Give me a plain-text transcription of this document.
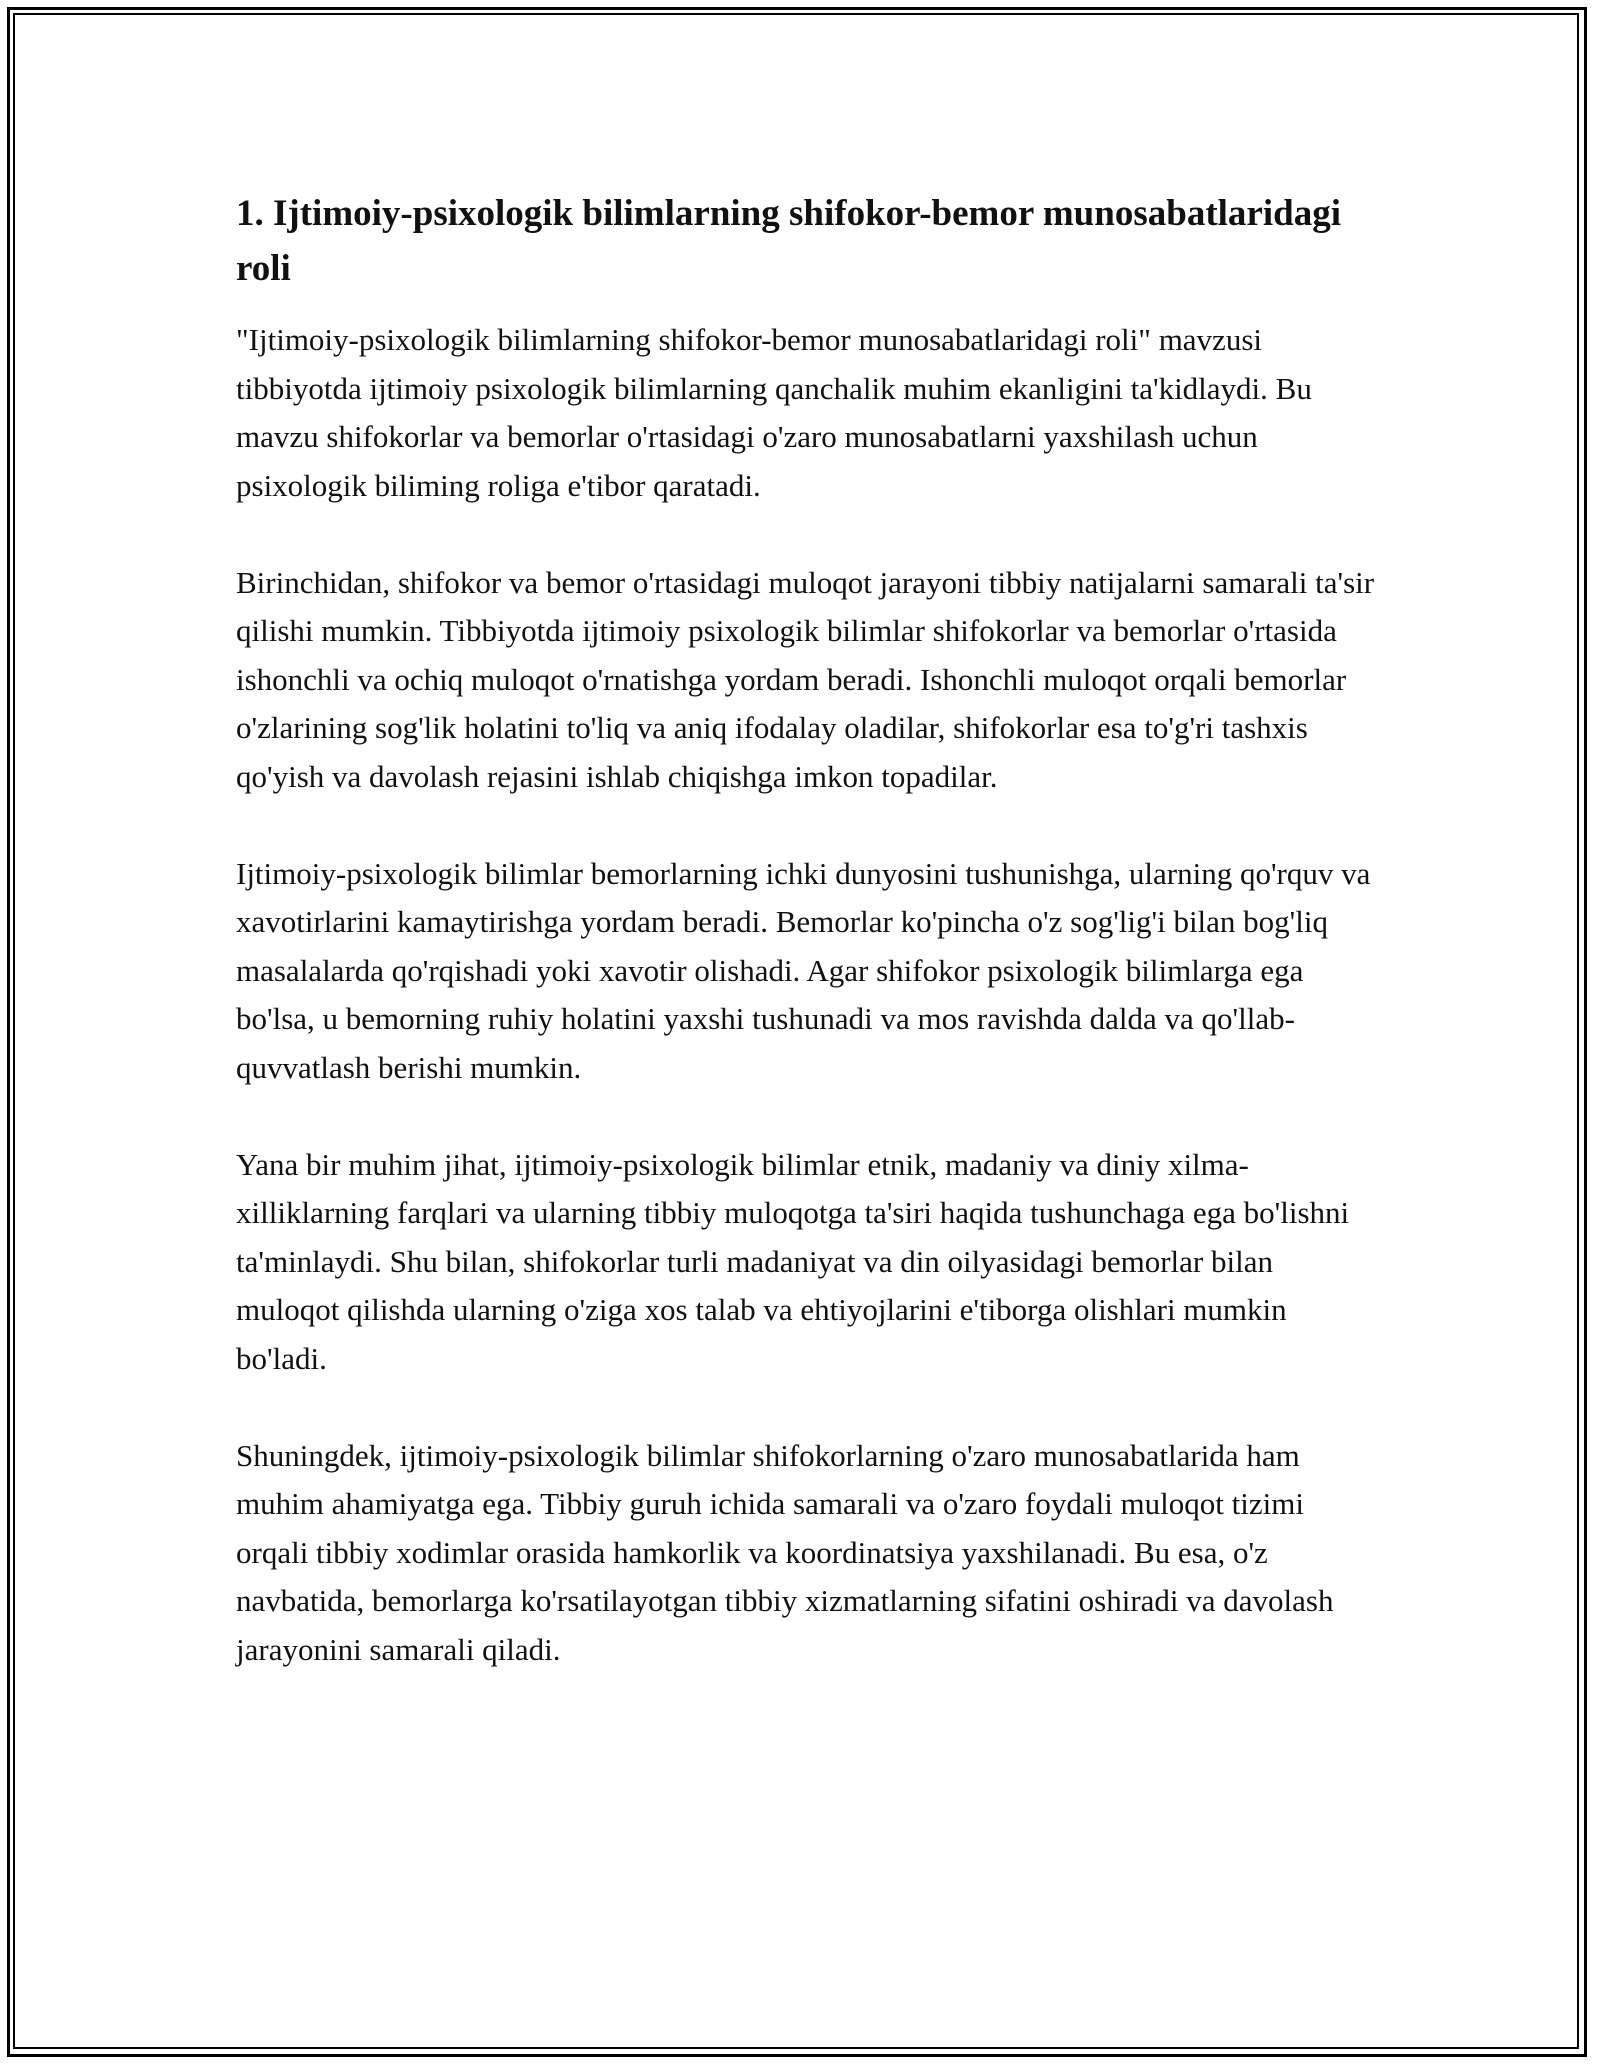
1. Ijtimoiy-psixologik bilimlarning shifokor-bemor munosabatlaridagi roli

"Ijtimoiy-psixologik bilimlarning shifokor-bemor munosabatlaridagi roli" mavzusi tibbiyotda ijtimoiy psixologik bilimlarning qanchalik muhim ekanligini ta'kidlaydi. Bu mavzu shifokorlar va bemorlar o'rtasidagi o'zaro munosabatlarni yaxshilash uchun psixologik biliming roliga e'tibor qaratadi.

Birinchidan, shifokor va bemor o'rtasidagi muloqot jarayoni tibbiy natijalarni samarali ta'sir qilishi mumkin. Tibbiyotda ijtimoiy psixologik bilimlar shifokorlar va bemorlar o'rtasida ishonchli va ochiq muloqot o'rnatishga yordam beradi. Ishonchli muloqot orqali bemorlar o'zlarining sog'lik holatini to'liq va aniq ifodalay oladilar, shifokorlar esa to'g'ri tashxis qo'yish va davolash rejasini ishlab chiqishga imkon topadilar.

Ijtimoiy-psixologik bilimlar bemorlarning ichki dunyosini tushunishga, ularning qo'rquv va xavotirlarini kamaytirishga yordam beradi. Bemorlar ko'pincha o'z sog'lig'i bilan bog'liq masalalarda qo'rqishadi yoki xavotir olishadi. Agar shifokor psixologik bilimlarga ega bo'lsa, u bemorning ruhiy holatini yaxshi tushunadi va mos ravishda dalda va qo'llab-quvvatlash berishi mumkin.

Yana bir muhim jihat, ijtimoiy-psixologik bilimlar etnik, madaniy va diniy xilma-xilliklarning farqlari va ularning tibbiy muloqotga ta'siri haqida tushunchaga ega bo'lishni ta'minlaydi. Shu bilan, shifokorlar turli madaniyat va din oilyasidagi bemorlar bilan muloqot qilishda ularning o'ziga xos talab va ehtiyojlarini e'tiborga olishlari mumkin bo'ladi.

Shuningdek, ijtimoiy-psixologik bilimlar shifokorlarning o'zaro munosabatlarida ham muhim ahamiyatga ega. Tibbiy guruh ichida samarali va o'zaro foydali muloqot tizimi orqali tibbiy xodimlar orasida hamkorlik va koordinatsiya yaxshilanadi. Bu esa, o'z navbatida, bemorlarga ko'rsatilayotgan tibbiy xizmatlarning sifatini oshiradi va davolash jarayonini samarali qiladi.
